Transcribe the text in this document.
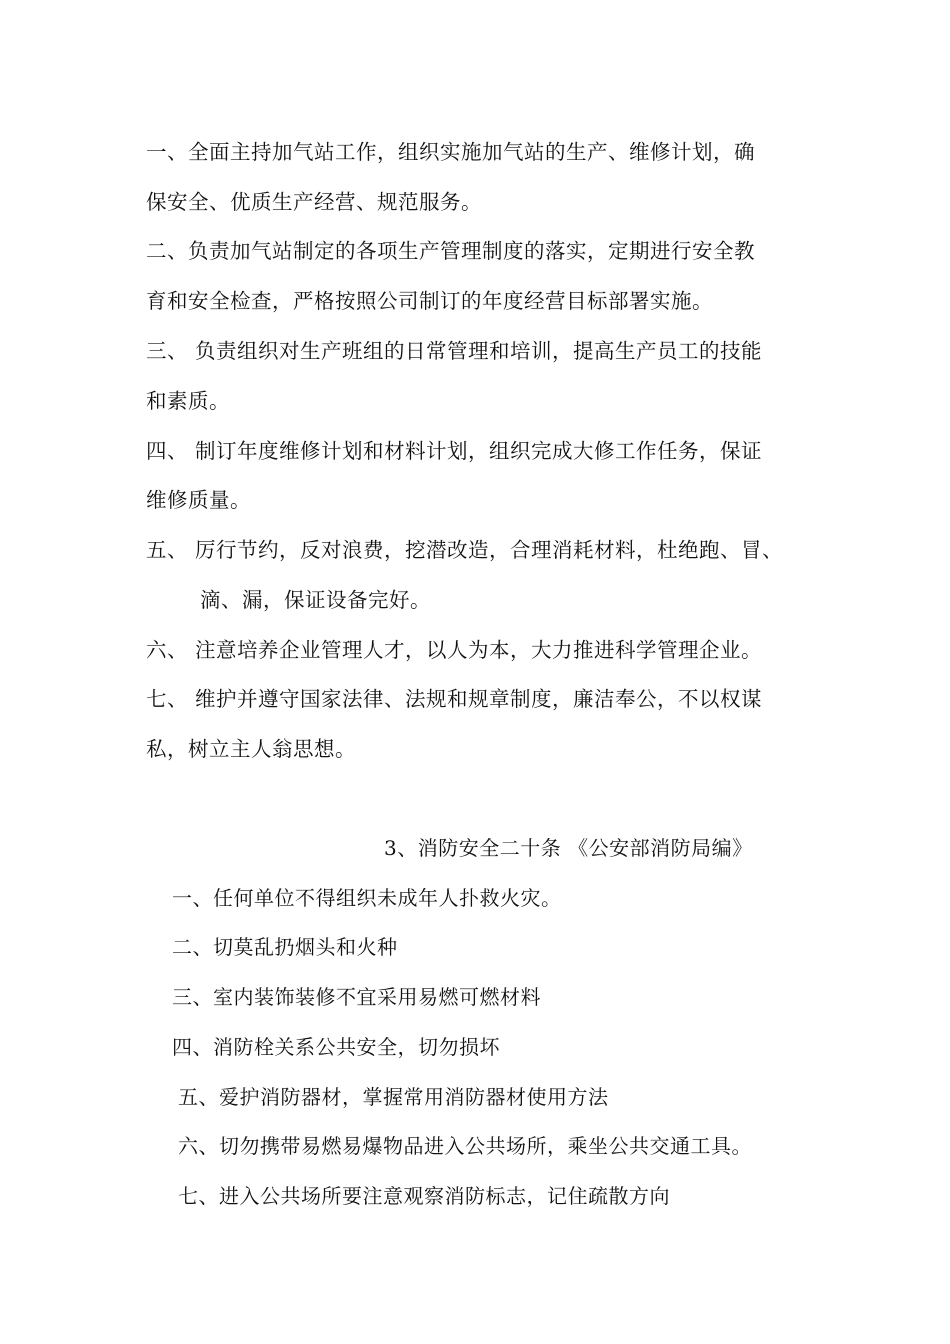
一、全面主持加气站工作，组织实施加气站的生产、维修计划，确
保安全、优质生产经营、规范服务。
二、负责加气站制定的各项生产管理制度的落实，定期进行安全教
育和安全检查，严格按照公司制订的年度经营目标部署实施。
三、 负责组织对生产班组的日常管理和培训，提高生产员工的技能
和素质。
四、 制订年度维修计划和材料计划，组织完成大修工作任务，保证
维修质量。
五、 厉行节约，反对浪费，挖潜改造，合理消耗材料，杜绝跑、冒、
滴、漏，保证设备完好。
六、 注意培养企业管理人才，以人为本，大力推进科学管理企业。
七、 维护并遵守国家法律、法规和规章制度，廉洁奉公，不以权谋
私，树立主人翁思想。
3、消防安全二十条 《公安部消防局编》
一、任何单位不得组织未成年人扑救火灾。
二、切莫乱扔烟头和火种
三、室内装饰装修不宜采用易燃可燃材料
四、消防栓关系公共安全，切勿损坏
五、爱护消防器材，掌握常用消防器材使用方法
六、切勿携带易燃易爆物品进入公共场所，乘坐公共交通工具。
七、进入公共场所要注意观察消防标志，记住疏散方向
